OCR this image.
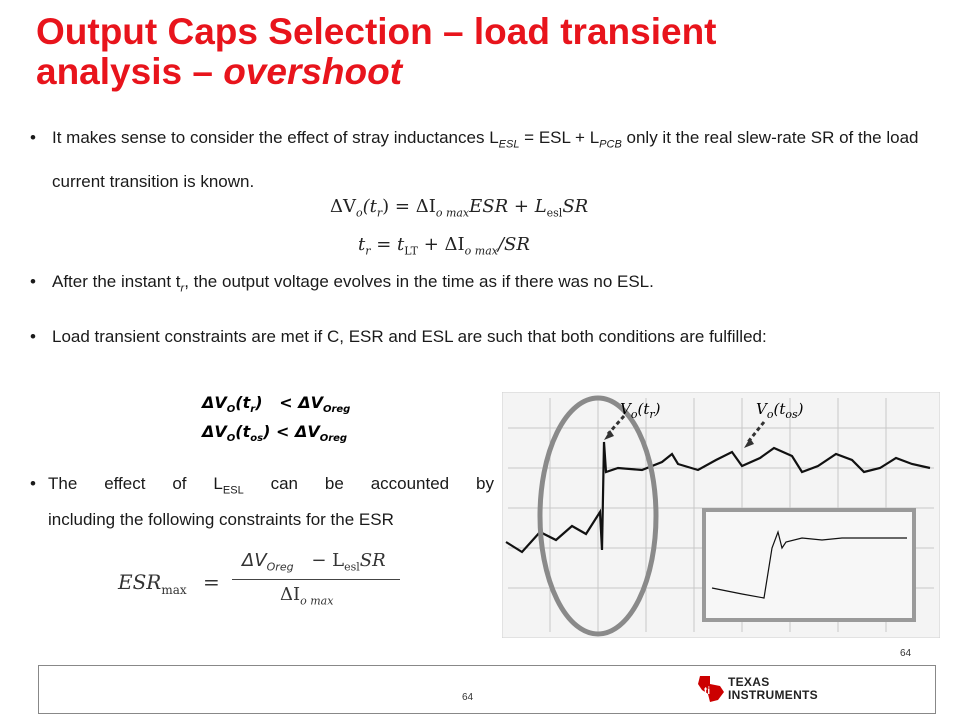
Output Caps Selection – load transient
analysis – overshoot
• It makes sense to consider the effect of stray inductances $L_{ESL}$ = ESL + $L_{PCB}$ only it the real slew-rate SR of the load current transition is known.
$\Delta V_o(t_r) = \Delta I_{o max}ESR + L_{esl}SR$
$t_r = t_{LT} + \Delta I_{o max}/SR$
• After the instant $t_r$, the output voltage evolves in the time as if there was no ESL.
• Load transient constraints are met if C, ESR and ESL are such that both conditions are fulfilled:
$\Delta V_O(t_r) < \Delta V_{Oreg}$
$\Delta V_O(t_{os}) < \Delta V_{Oreg}$
• The effect of $L_{ESL}$ can be accounted by
including the following constraints for the ESR
$ESR_{max}$ =
$\Delta V_{Oreg} - L_{esl}SR$
$\Delta I_{o max}$
$V_o(t_r)$	$V_o(t_{os})$
64
64
ti
TEXAS
INSTRUMENTS
